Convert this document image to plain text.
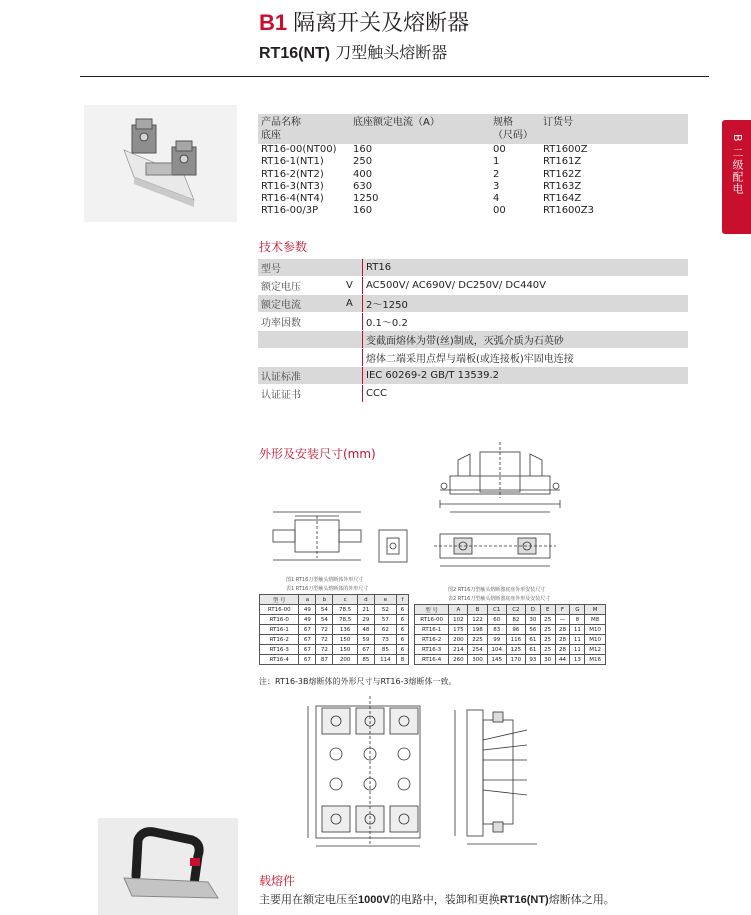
B1 隔离开关及熔断器
RT16(NT) 刀型触头熔断器
B 二级配电
产品名称
底座	底座额定电流（A）	规格
（尺码）	订货号
RT16-00(NT00)	160	00	RT1600Z
RT16-1(NT1)	250	1	RT161Z
RT16-2(NT2)	400	2	RT162Z
RT16-3(NT3)	630	3	RT163Z
RT16-4(NT4)	1250	4	RT164Z
RT16-00/3P	160	00	RT1600Z3
技术参数
型号		RT16
额定电压	V	AC500V/ AC690V/ DC250V/ DC440V
额定电流	A	2～1250
功率因数		0.1～0.2
		变截面熔体为带(丝)制成，灭弧介质为石英砂
		熔体二端采用点焊与端板(或连接板)牢固电连接
认证标准		IEC 60269-2 GB/T 13539.2
认证证书		CCC
外形及安装尺寸(mm)
图1 RT16刀型触头熔断体外形尺寸
表1 RT16刀型触头熔断体的外形尺寸	图2 RT16刀型触头熔断器底座外形安装尺寸
表2 RT16刀型触头熔断器底座外形及安装尺寸
型 号	a	b	c	d	e	f
RT16-00	49	54	78.5	21	52	6
RT16-0	49	54	78.5	29	57	6
RT16-1	67	72	136	48	62	6
RT16-2	67	72	150	59	73	6
RT16-3	67	72	150	67	85	6
RT16-4	67	87	200	85	114	8
型 号	A	B	C1	C2	D	E	F	G	M
RT16-00	102	122	60	82	30	25	—	8	M8
RT16-1	175	198	83	96	56	25	28	11	M10
RT16-2	200	225	99	116	61	25	28	11	M10
RT16-3	214	254	104	125	61	25	28	11	M12
RT16-4	260	300	145	170	93	30	44	13	M16
注：RT16-3B熔断体的外形尺寸与RT16-3熔断体一致。
载熔件
主要用在额定电压至1000V的电路中，装卸和更换RT16(NT)熔断体之用。
